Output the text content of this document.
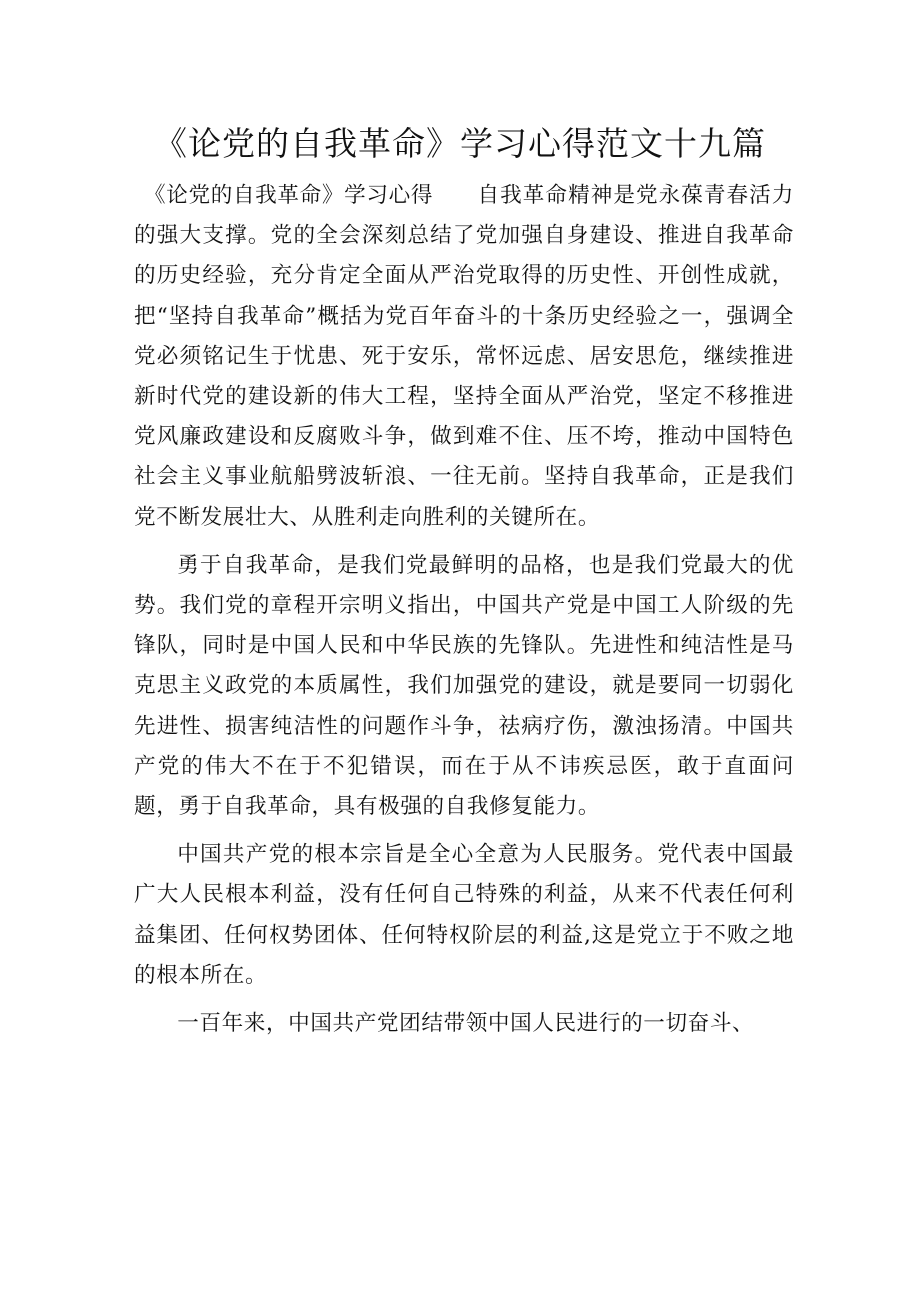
《论党的自我革命》学习心得范文十九篇

《论党的自我革命》学习心得 自我革命精神是党永葆青春活力的强大支撑。党的全会深刻总结了党加强自身建设、推进自我革命的历史经验，充分肯定全面从严治党取得的历史性、开创性成就，把“坚持自我革命”概括为党百年奋斗的十条历史经验之一，强调全党必须铭记生于忧患、死于安乐，常怀远虑、居安思危，继续推进新时代党的建设新的伟大工程，坚持全面从严治党，坚定不移推进党风廉政建设和反腐败斗争，做到难不住、压不垮，推动中国特色社会主义事业航船劈波斩浪、一往无前。坚持自我革命，正是我们党不断发展壮大、从胜利走向胜利的关键所在。

勇于自我革命，是我们党最鲜明的品格，也是我们党最大的优势。我们党的章程开宗明义指出，中国共产党是中国工人阶级的先锋队，同时是中国人民和中华民族的先锋队。先进性和纯洁性是马克思主义政党的本质属性，我们加强党的建设，就是要同一切弱化先进性、损害纯洁性的问题作斗争，祛病疗伤，激浊扬清。中国共产党的伟大不在于不犯错误，而在于从不讳疾忌医，敢于直面问题，勇于自我革命，具有极强的自我修复能力。

中国共产党的根本宗旨是全心全意为人民服务。党代表中国最广大人民根本利益，没有任何自己特殊的利益，从来不代表任何利益集团、任何权势团体、任何特权阶层的利益,这是党立于不败之地的根本所在。

一百年来，中国共产党团结带领中国人民进行的一切奋斗、
